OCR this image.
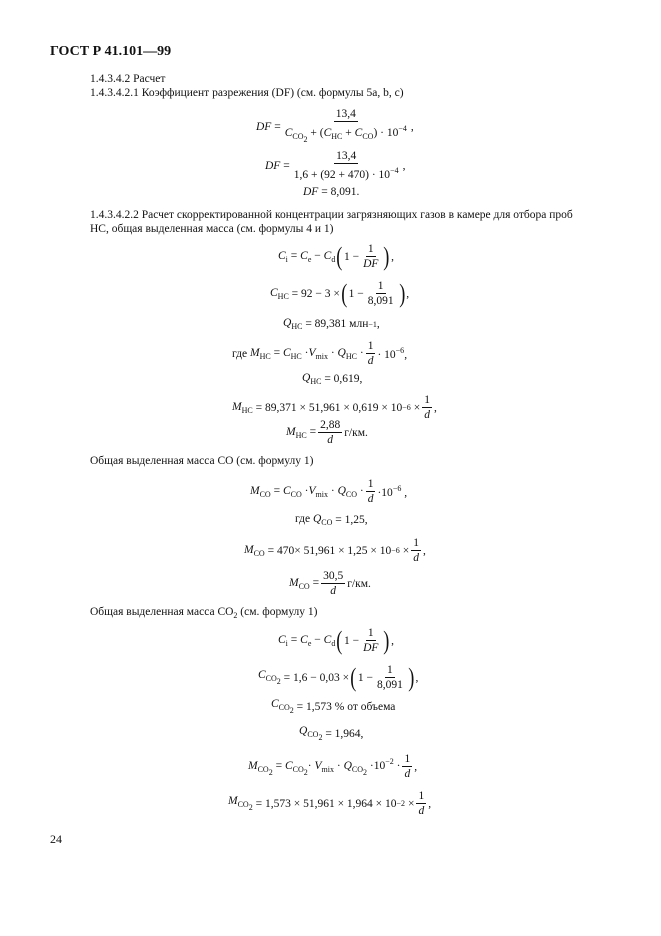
ГОСТ Р 41.101—99
1.4.3.4.2 Расчет
1.4.3.4.2.1 Коэффициент разрежения (DF) (см. формулы 5а, b, c)
DF = $\frac{13,4}{C_{CO_2} + (C_{HC} + C_{CO}) \cdot 10^{-4}}$ ,
DF = $\frac{13,4}{1,6 + (92 + 470) \cdot 10^{-4}}$ ,
DF = 8,091.
1.4.3.4.2.2 Расчет скорректированной концентрации загрязняющих газов в камере для отбора проб
HC, общая выделенная масса (см. формулы 4 и 1)
$C_i = C_e - C_d$ ( $1 - \frac{1}{DF}$ ) ,
$C_{HC} = 92 - 3$ × ( $1 - \frac{1}{8,091}$ ) ,
$Q_{HC} = 89,381$ млн −1 ,
где $M_{HC} = C_{HC} \cdot V_{mix} \cdot Q_{HC} \cdot \frac{1}{d} \cdot 10^{-6}$,
$Q_{HC} = 0,619$,
$M_{HC} = 89,371 \times 51,961 \times 0,619 \times 10 -6 \times \frac{1}{d}$ ,
$M_{HC} = \frac{2,88}{d} г/км$.
Общая выделенная масса CO (см. формулу 1)
$M_{CO} = C_{CO} \cdot V_{mix} \cdot Q_{CO} \cdot \frac{1}{d} \cdot 10^{-6}$ ,
где $Q_{CO} = 1,25$,
$M_{CO} = 470\times 51,961 \times 1,25 \times 10 -6 \times \frac{1}{d}$ ,
$M_{CO} = \frac{30,5}{d} г/км$.
Общая выделенная масса $CO_2$ (см. формулу 1)
$C_i = C_e - C_d$ ( $1 - \frac{1}{DF}$ ) ,
$C_{CO_2} = 1,6 - 0,03$ × ( $1 - \frac{1}{8,091}$ ) ,
$C_{CO_2} = 1,573$ % от объема
$Q_{CO_2} = 1,964$,
$M_{CO_2} = C_{CO_2}\cdot V_{mix} \cdot Q_{CO_2} \cdot 10^{-2} \cdot \frac{1}{d}$ ,
$M_{CO_2} = 1,573 \times 51,961 \times 1,964 \times 10 -2 \times \frac{1}{d}$ ,
24
